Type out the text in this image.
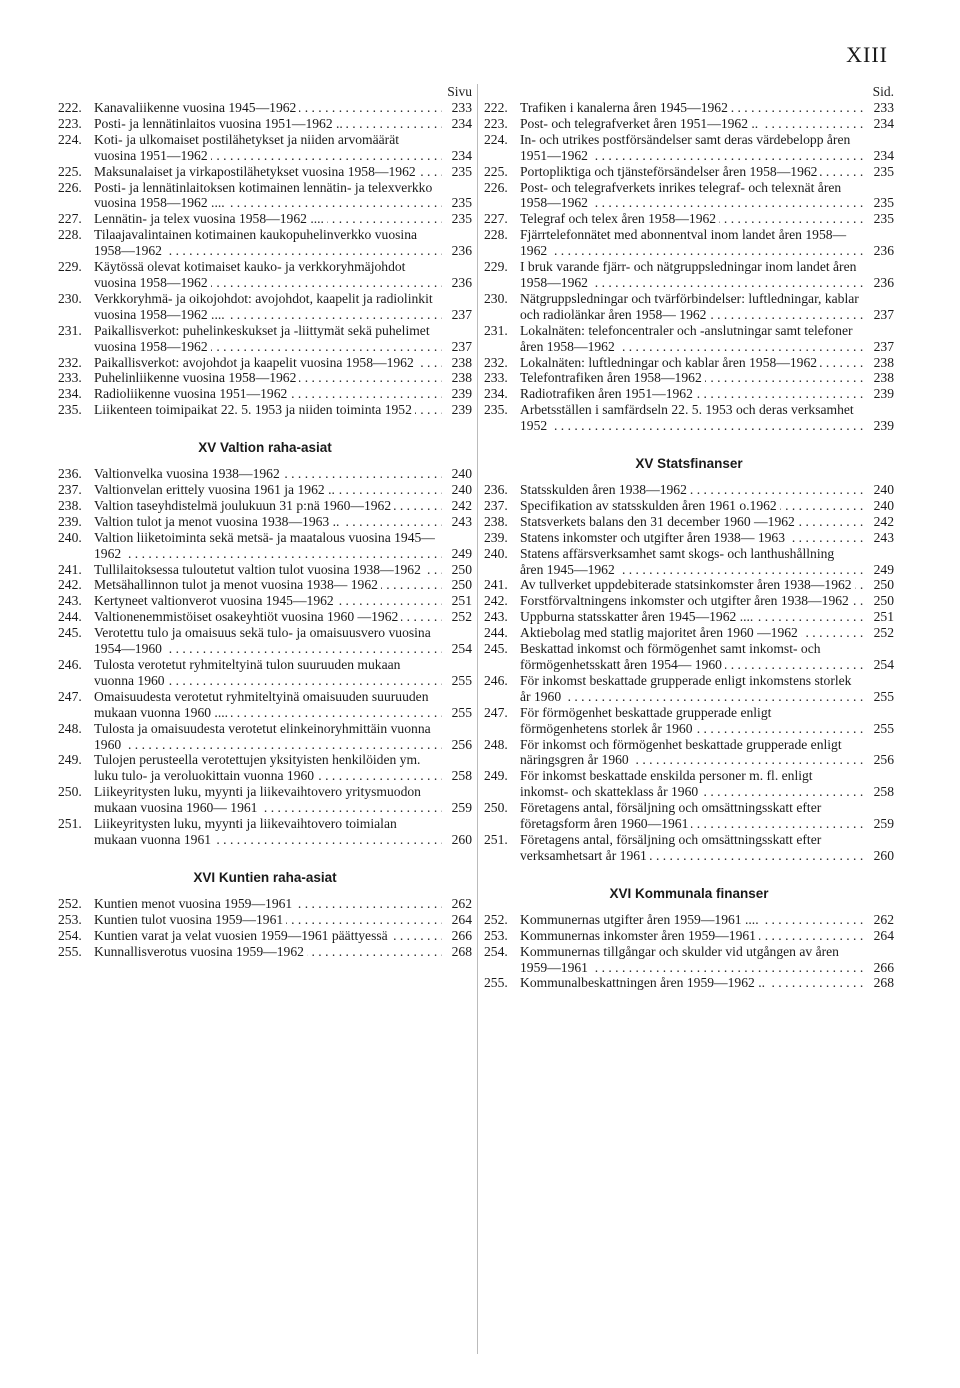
XIII
Sivu
222. Kanavaliikenne vuosina 1945—1962 . . .	233
223. Posti- ja lennätinlaitos vuosina 1951—1962 .. . . .	234
224. Koti- ja ulkomaiset postilähetykset ja niiden arvomäärät vuosina 1951—1962 . . .	234
225. Maksunalaiset ja virkapostilähetykset vuosina 1958—1962 . . .	235
226. Posti- ja lennätinlaitoksen kotimainen lennätin- ja telexverkko vuosina 1958—1962 .... . . .	235
227. Lennätin- ja telex vuosina 1958—1962 .... . . .	235
228. Tilaajavalintainen kotimainen kaukopuhelinverkko vuosina 1958—1962 . . .	236
229. Käytössä olevat kotimaiset kauko- ja verkkoryhmäjohdot vuosina 1958—1962 . . .	236
230. Verkkoryhmä- ja oikojohdot: avojohdot, kaapelit ja radiolinkit vuosina 1958—1962 .... . . .	237
231. Paikallisverkot: puhelinkeskukset ja -liittymät sekä puhelimet vuosina 1958—1962 . . .	237
232. Paikallisverkot: avojohdot ja kaapelit vuosina 1958—1962 . . .	238
233. Puhelinliikenne vuosina 1958—1962 . . .	238
234. Radioliikenne vuosina 1951—1962 . . .	239
235. Liikenteen toimipaikat 22. 5. 1953 ja niiden toiminta 1952 . . .	239
XV Valtion raha-asiat
236. Valtionvelka vuosina 1938—1962 . . .	240
237. Valtionvelan erittely vuosina 1961 ja 1962 .. . . .	240
238. Valtion taseyhdistelmä joulukuun 31 p:nä 1960—1962 . . .	242
239. Valtion tulot ja menot vuosina 1938—1963 .. . . .	243
240. Valtion liiketoiminta sekä metsä- ja maatalous vuosina 1945—1962 . . .	249
241. Tullilaitoksessa tuloutetut valtion tulot vuosina 1938—1962 . . .	250
242. Metsähallinnon tulot ja menot vuosina 1938— 1962 . . .	250
243. Kertyneet valtionverot vuosina 1945—1962 . . .	251
244. Valtionenemmistöiset osakeyhtiöt vuosina 1960 —1962 . . .	252
245. Verotettu tulo ja omaisuus sekä tulo- ja omaisuusvero vuosina 1954—1960 . . .	254
246. Tulosta verotetut ryhmiteltyinä tulon suuruuden mukaan vuonna 1960 . . .	255
247. Omaisuudesta verotetut ryhmiteltyinä omaisuuden suuruuden mukaan vuonna 1960 .... . . .	255
248. Tulosta ja omaisuudesta verotetut elinkeinoryhmittäin vuonna 1960 . . .	256
249. Tulojen perusteella verotettujen yksityisten henkilöiden ym. luku tulo- ja veroluokittain vuonna 1960 . . .	258
250. Liikeyritysten luku, myynti ja liikevaihtovero yritysmuodon mukaan vuosina 1960— 1961 . . .	259
251. Liikeyritysten luku, myynti ja liikevaihtovero toimialan mukaan vuonna 1961 . . .	260
XVI Kuntien raha-asiat
252. Kuntien menot vuosina 1959—1961 . . .	262
253. Kuntien tulot vuosina 1959—1961 . . .	264
254. Kuntien varat ja velat vuosien 1959—1961 päättyessä . . .	266
255. Kunnallisverotus vuosina 1959—1962 . . .	268
Sid.
222. Trafiken i kanalerna åren 1945—1962 . . .	233
223. Post- och telegrafverket åren 1951—1962 .. . . .	234
224. In- och utrikes postförsändelser samt deras värdebelopp åren 1951—1962 . . .	234
225. Portopliktiga och tjänsteförsändelser åren 1958—1962 . . .	235
226. Post- och telegrafverkets inrikes telegraf- och telexnät åren 1958—1962 . . .	235
227. Telegraf och telex åren 1958—1962 . . .	235
228. Fjärrtelefonnätet med abonnentval inom landet åren 1958—1962 . . .	236
229. I bruk varande fjärr- och nätgruppsledningar inom landet åren 1958—1962 . . .	236
230. Nätgruppsledningar och tvärförbindelser: luftledningar, kablar och radiolänkar åren 1958— 1962 . . .	237
231. Lokalnäten: telefoncentraler och -anslutningar samt telefoner åren 1958—1962 . . .	237
232. Lokalnäten: luftledningar och kablar åren 1958—1962 . . .	238
233. Telefontrafiken åren 1958—1962 . . .	238
234. Radiotrafiken åren 1951—1962 . . .	239
235. Arbetsställen i samfärdseln 22. 5. 1953 och deras verksamhet 1952 . . .	239
XV Statsfinanser
236. Statsskulden åren 1938—1962 . . .	240
237. Specifikation av statsskulden åren 1961 o.1962 . . .	240
238. Statsverkets balans den 31 december 1960 —1962 . . .	242
239. Statens inkomster och utgifter åren 1938— 1963 . . .	243
240. Statens affärsverksamhet samt skogs- och lanthushållning åren 1945—1962 . . .	249
241. Av tullverket uppdebiterade statsinkomster åren 1938—1962 . . .	250
242. Forstförvaltningens inkomster och utgifter åren 1938—1962 . . .	250
243. Uppburna statsskatter åren 1945—1962 .... . . .	251
244. Aktiebolag med statlig majoritet åren 1960 —1962 . . .	252
245. Beskattad inkomst och förmögenhet samt inkomst- och förmögenhetsskatt åren 1954— 1960 . . .	254
246. För inkomst beskattade grupperade enligt inkomstens storlek år 1960 . . .	255
247. För förmögenhet beskattade grupperade enligt förmögenhetens storlek år 1960 . . .	255
248. För inkomst och förmögenhet beskattade grupperade enligt näringsgren år 1960 . . .	256
249. För inkomst beskattade enskilda personer m. fl. enligt inkomst- och skatteklass år 1960 . . .	258
250. Företagens antal, försäljning och omsättningsskatt efter företagsform åren 1960—1961 . . .	259
251. Företagens antal, försäljning och omsättningsskatt efter verksamhetsart år 1961 . . .	260
XVI Kommunala finanser
252. Kommunernas utgifter åren 1959—1961 .... . . .	262
253. Kommunernas inkomster åren 1959—1961 . . .	264
254. Kommunernas tillgångar och skulder vid utgången av åren 1959—1961 . . .	266
255. Kommunalbeskattningen åren 1959—1962 .. . . .	268
